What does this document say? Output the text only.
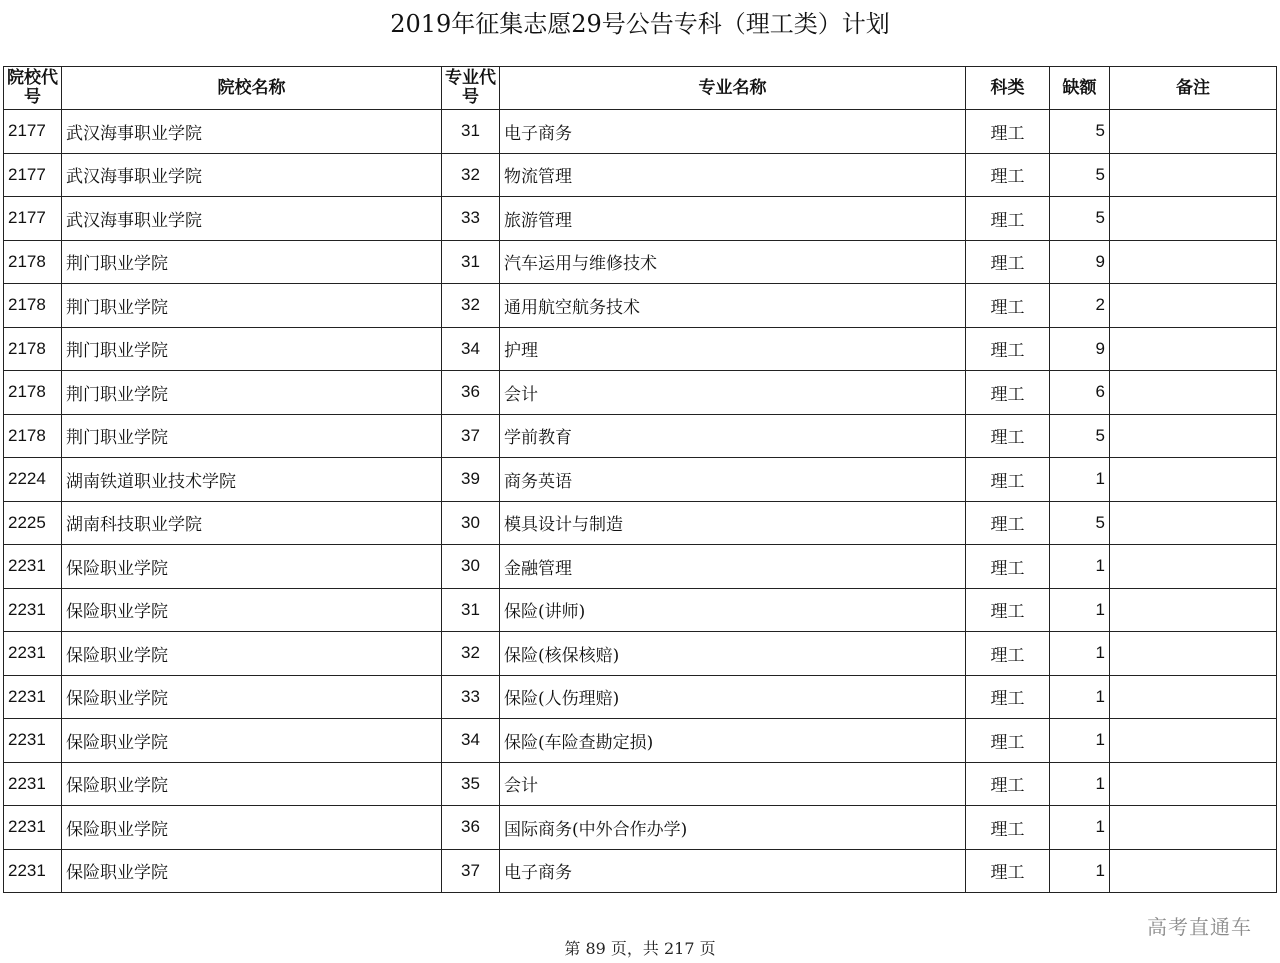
2019年征集志愿29号公告专科（理工类）计划
院校代号	院校名称	专业代号	专业名称	科类	缺额	备注
2177	武汉海事职业学院	31	电子商务	理工	5	
2177	武汉海事职业学院	32	物流管理	理工	5	
2177	武汉海事职业学院	33	旅游管理	理工	5	
2178	荆门职业学院	31	汽车运用与维修技术	理工	9	
2178	荆门职业学院	32	通用航空航务技术	理工	2	
2178	荆门职业学院	34	护理	理工	9	
2178	荆门职业学院	36	会计	理工	6	
2178	荆门职业学院	37	学前教育	理工	5	
2224	湖南铁道职业技术学院	39	商务英语	理工	1	
2225	湖南科技职业学院	30	模具设计与制造	理工	5	
2231	保险职业学院	30	金融管理	理工	1	
2231	保险职业学院	31	保险(讲师)	理工	1	
2231	保险职业学院	32	保险(核保核赔)	理工	1	
2231	保险职业学院	33	保险(人伤理赔)	理工	1	
2231	保险职业学院	34	保险(车险查勘定损)	理工	1	
2231	保险职业学院	35	会计	理工	1	
2231	保险职业学院	36	国际商务(中外合作办学)	理工	1	
2231	保险职业学院	37	电子商务	理工	1	
高考直通车
第 89 页，共 217 页
